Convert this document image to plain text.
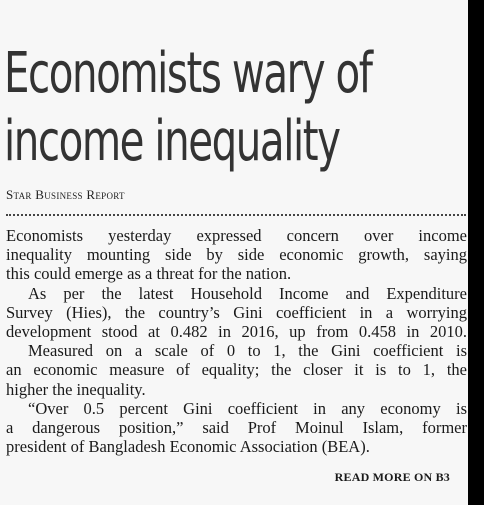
Economists wary of
income inequality
Star Business Report
Economists yesterday expressed concern over income
inequality mounting side by side economic growth, saying
this could emerge as a threat for the nation.
As per the latest Household Income and Expenditure
Survey (Hies), the country’s Gini coefficient in a worrying
development stood at 0.482 in 2016, up from 0.458 in 2010.
Measured on a scale of 0 to 1, the Gini coefficient is
an economic measure of equality; the closer it is to 1, the
higher the inequality.
“Over 0.5 percent Gini coefficient in any economy is
a dangerous position,” said Prof Moinul Islam, former
president of Bangladesh Economic Association (BEA).
READ MORE ON B3
